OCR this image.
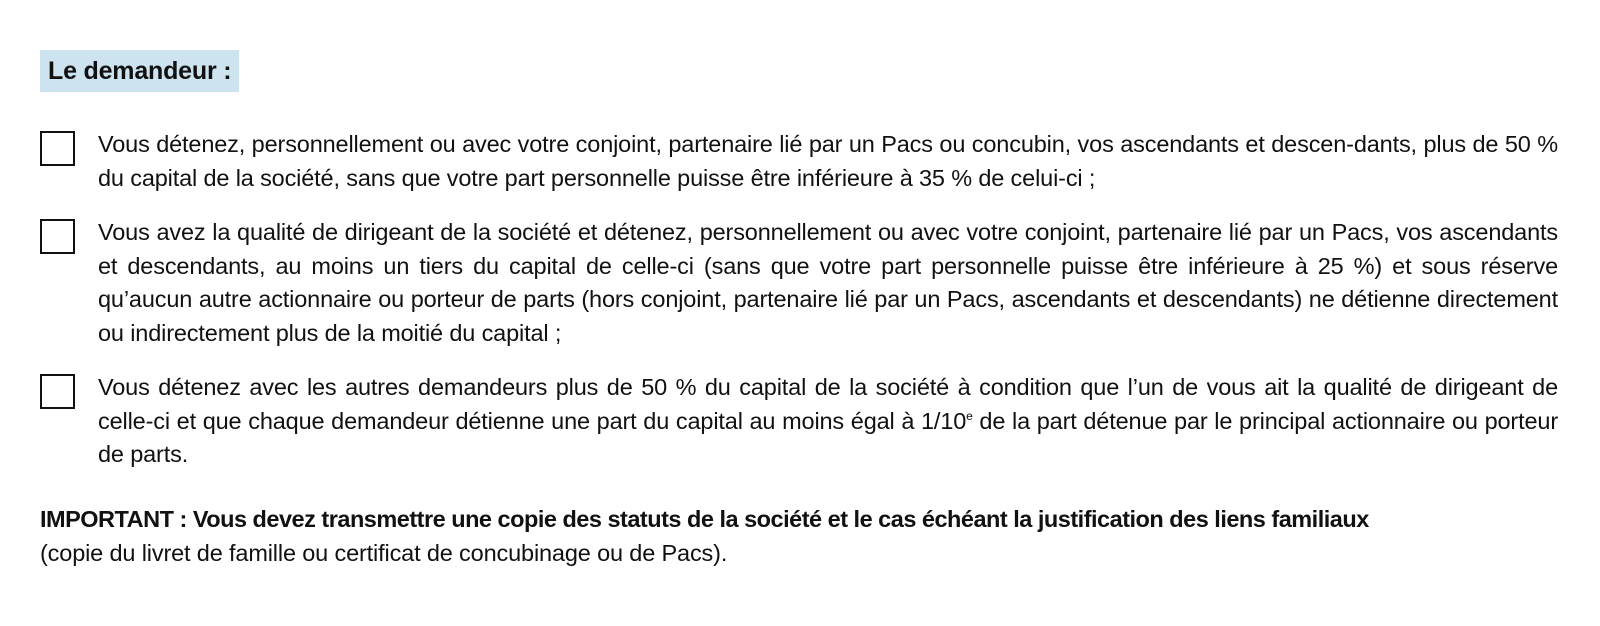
Le demandeur :
Vous détenez, personnellement ou avec votre conjoint, partenaire lié par un Pacs ou concubin, vos ascendants et descen-dants, plus de 50 % du capital de la société, sans que votre part personnelle puisse être inférieure à 35 % de celui-ci ;
Vous avez la qualité de dirigeant de la société et détenez, personnellement ou avec votre conjoint, partenaire lié par un Pacs, vos ascendants et descendants, au moins un tiers du capital de celle-ci (sans que votre part personnelle puisse être inférieure à 25 %) et sous réserve qu’aucun autre actionnaire ou porteur de parts (hors conjoint, partenaire lié par un Pacs, ascendants et descendants) ne détienne directement ou indirectement plus de la moitié du capital ;
Vous détenez avec les autres demandeurs plus de 50 % du capital de la société à condition que l’un de vous ait la qualité de dirigeant de celle-ci et que chaque demandeur détienne une part du capital au moins égal à 1/10e de la part détenue par le principal actionnaire ou porteur de parts.
IMPORTANT : Vous devez transmettre une copie des statuts de la société et le cas échéant la justification des liens familiaux
(copie du livret de famille ou certificat de concubinage ou de Pacs).
